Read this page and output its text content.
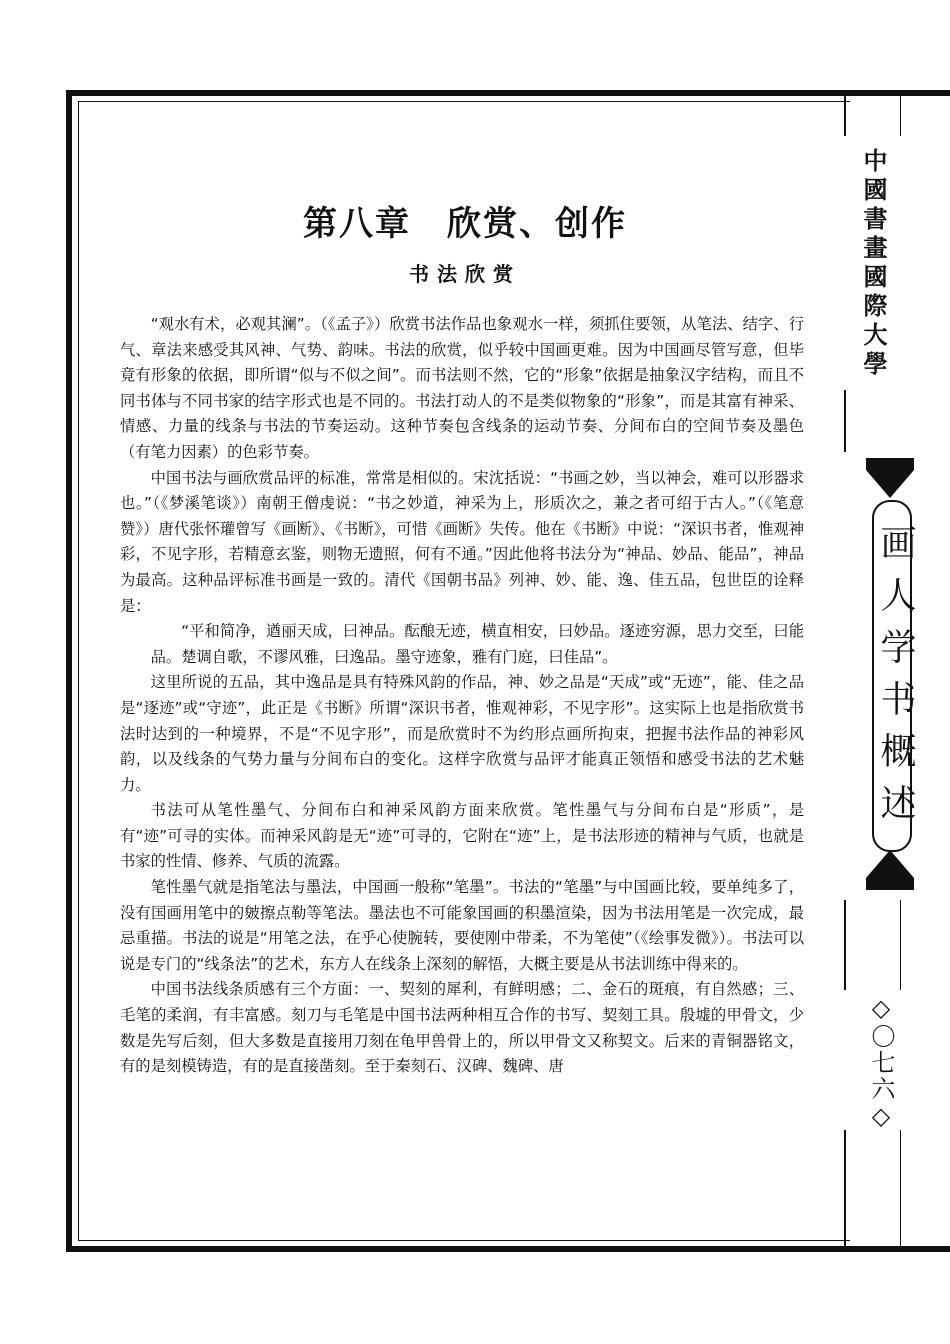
中國書畫國際大學
画人学书概述
◇〇七六◇
第八章　欣赏、创作
书法欣赏

“观水有术，必观其澜”。（《孟子》）欣赏书法作品也象观水一样，须抓住要领，从笔法、结字、行气、章法来感受其风神、气势、韵味。书法的欣赏，似乎较中国画更难。因为中国画尽管写意，但毕竟有形象的依据，即所谓“似与不似之间”。而书法则不然，它的“形象”依据是抽象汉字结构，而且不同书体与不同书家的结字形式也是不同的。书法打动人的不是类似物象的“形象”，而是其富有神采、情感、力量的线条与书法的节奏运动。这种节奏包含线条的运动节奏、分间布白的空间节奏及墨色（有笔力因素）的色彩节奏。

中国书法与画欣赏品评的标准，常常是相似的。宋沈括说：“书画之妙，当以神会，难可以形器求也。”（《梦溪笔谈》）南朝王僧虔说：“书之妙道，神采为上，形质次之，兼之者可绍于古人。”（《笔意赞》）唐代张怀瓘曾写《画断》、《书断》，可惜《画断》失传。他在《书断》中说：“深识书者，惟观神彩，不见字形，若精意玄鉴，则物无遗照，何有不通。”因此他将书法分为“神品、妙品、能品”，神品为最高。这种品评标准书画是一致的。清代《国朝书品》列神、妙、能、逸、佳五品，包世臣的诠释是：

“平和简净，遒丽天成，曰神品。酝酿无迹，横直相安，曰妙品。逐迹穷源，思力交至，曰能品。楚调自歌，不谬风雅，曰逸品。墨守迹象，雅有门庭，曰佳品”。

这里所说的五品，其中逸品是具有特殊风韵的作品，神、妙之品是“天成”或“无迹”，能、佳之品是“逐迹”或“守迹”，此正是《书断》所谓“深识书者，惟观神彩，不见字形”。这实际上也是指欣赏书法时达到的一种境界，不是“不见字形”，而是欣赏时不为约形点画所拘束，把握书法作品的神彩风韵，以及线条的气势力量与分间布白的变化。这样字欣赏与品评才能真正领悟和感受书法的艺术魅力。

书法可从笔性墨气、分间布白和神采风韵方面来欣赏。笔性墨气与分间布白是“形质”，是有“迹”可寻的实体。而神采风韵是无“迹”可寻的，它附在“迹”上，是书法形迹的精神与气质，也就是书家的性情、修养、气质的流露。

笔性墨气就是指笔法与墨法，中国画一般称“笔墨”。书法的“笔墨”与中国画比较，要单纯多了，没有国画用笔中的皴擦点勒等笔法。墨法也不可能象国画的积墨渲染，因为书法用笔是一次完成，最忌重描。书法的说是“用笔之法，在乎心使腕转，要使刚中带柔，不为笔使”（《绘事发微》）。书法可以说是专门的“线条法”的艺术，东方人在线条上深刻的解悟，大概主要是从书法训练中得来的。

中国书法线条质感有三个方面：一、契刻的犀利，有鲜明感；二、金石的斑痕，有自然感；三、毛笔的柔润，有丰富感。刻刀与毛笔是中国书法两种相互合作的书写、契刻工具。殷墟的甲骨文，少数是先写后刻，但大多数是直接用刀刻在龟甲兽骨上的，所以甲骨文又称契文。后来的青铜器铭文，有的是刻模铸造，有的是直接凿刻。至于秦刻石、汉碑、魏碑、唐
